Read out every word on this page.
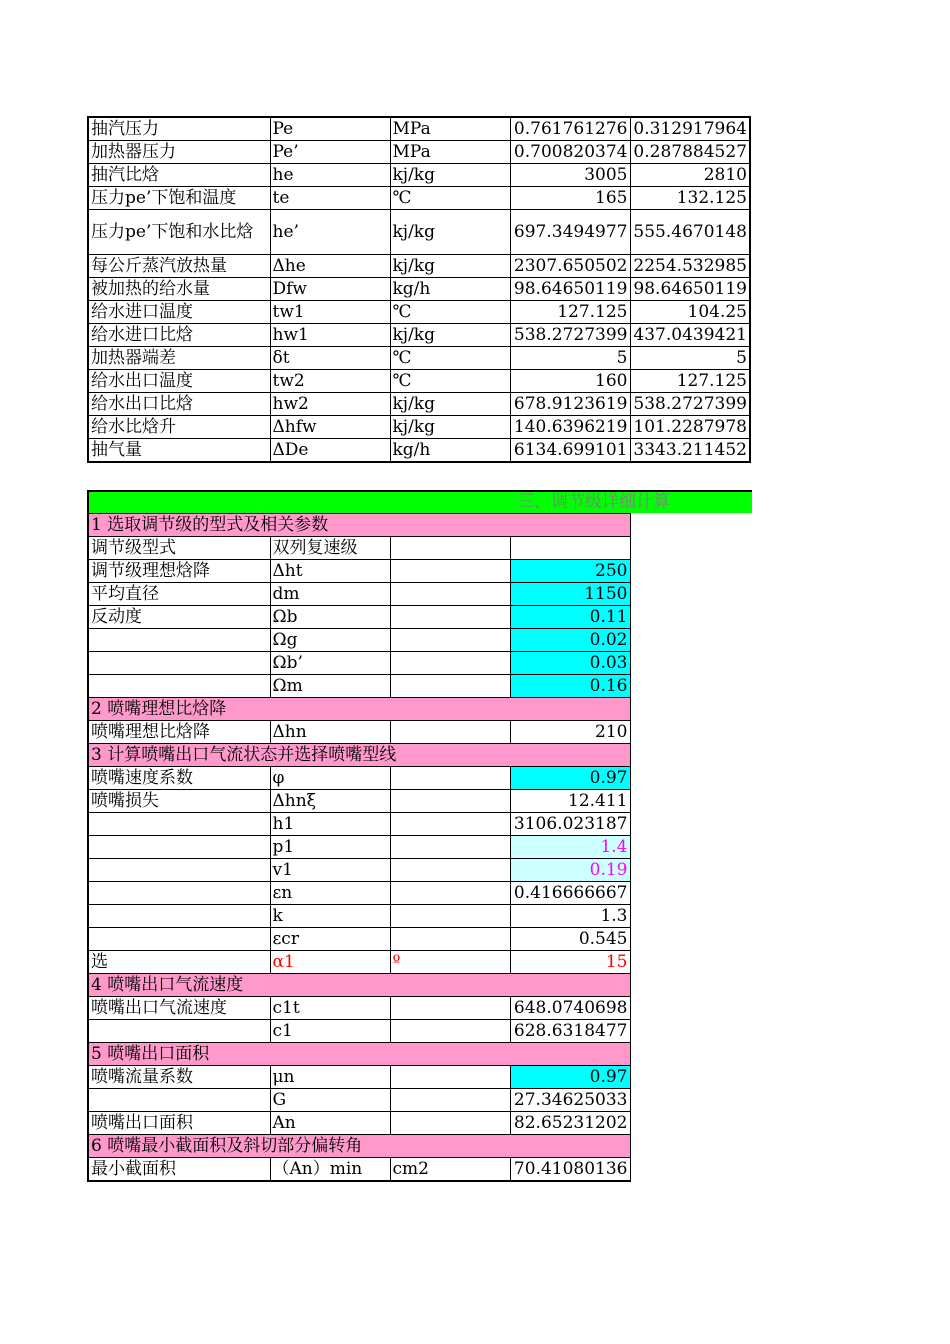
抽汽压力	Pe	MPa	0.761761276	0.312917964
加热器压力	Pe’	MPa	0.700820374	0.287884527
抽汽比焓	he	kj/kg	3005	2810
压力pe’下饱和温度	te	℃	165	132.125
压力pe’下饱和水比焓	he’	kj/kg	697.3494977	555.4670148
每公斤蒸汽放热量	Δhe	kj/kg	2307.650502	2254.532985
被加热的给水量	Dfw	kg/h	98.64650119	98.64650119
给水进口温度	tw1	℃	127.125	104.25
给水进口比焓	hw1	kj/kg	538.2727399	437.0439421
加热器端差	δt	℃	5	5
给水出口温度	tw2	℃	160	127.125
给水出口比焓	hw2	kj/kg	678.9123619	538.2727399
给水比焓升	Δhfw	kj/kg	140.6396219	101.2287978
抽气量	ΔDe	kg/h	6134.699101	3343.211452
三、调节级详细计算
1 选取调节级的型式及相关参数			
调节级型式	双列复速级		
调节级理想焓降	Δht		250
平均直径	dm		1150
反动度	Ωb		0.11
	Ωg		0.02
	Ωb’		0.03
	Ωm		0.16
2 喷嘴理想比焓降			
喷嘴理想比焓降	Δhn		210
3 计算喷嘴出口气流状态并选择喷嘴型线			
喷嘴速度系数	φ		0.97
喷嘴损失	Δhnξ		12.411
	h1		3106.023187
	p1		1.4
	v1		0.19
	εn		0.416666667
	k		1.3
	εcr		0.545
选	α1	º	15
4 喷嘴出口气流速度			
喷嘴出口气流速度	c1t		648.0740698
	c1		628.6318477
5 喷嘴出口面积			
喷嘴流量系数	μn		0.97
	G		27.34625033
喷嘴出口面积	An		82.65231202
6 喷嘴最小截面积及斜切部分偏转角			
最小截面积	（An）min	cm2	70.41080136
